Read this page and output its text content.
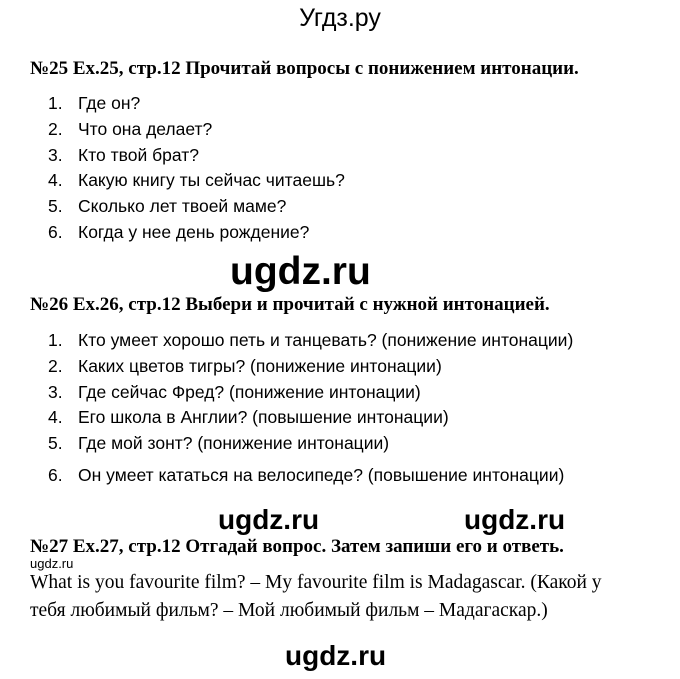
Угдз.ру
№25 Ex.25, стр.12 Прочитай вопросы с понижением интонации.
1. Где он?
2. Что она делает?
3. Кто твой брат?
4. Какую книгу ты сейчас читаешь?
5. Сколько лет твоей маме?
6. Когда у нее день рождение?
ugdz.ru
№26 Ex.26, стр.12 Выбери и прочитай с нужной интонацией.
1. Кто умеет хорошо петь и танцевать? (понижение интонации)
2. Каких цветов тигры? (понижение интонации)
3. Где сейчас Фред? (понижение интонации)
4. Его школа в Англии? (повышение интонации)
5. Где мой зонт? (понижение интонации)
6. Он умеет кататься на велосипеде? (повышение интонации)
ugdz.ru	ugdz.ru
№27 Ex.27, стр.12 Отгадай вопрос. Затем запиши его и ответь.
ugdz.ru
What is you favourite film? – My favourite film is Madagascar. (Какой у
тебя любимый фильм? – Мой любимый фильм – Мадагаскар.)
ugdz.ru
